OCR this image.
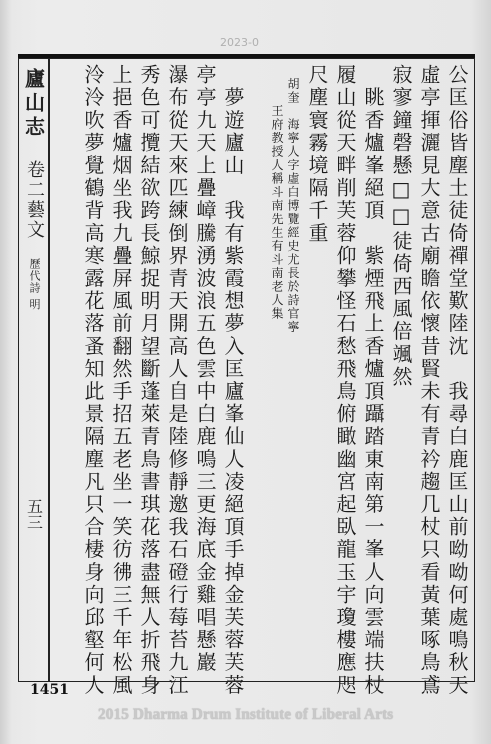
2023-0
廬山志
卷二藝文
歷代詩 明
五三	公匡俗皆塵土徒倚禪堂歎陸沈　我尋白鹿匡山前呦呦何處鳴秋天
虛亭揮灑見大意古廟瞻依懷昔賢未有青衿趨几杖只看黃葉啄鳥鳶
寂寥鐘磬懸□□徒倚西風倍颯然
　眺香爐峯絕頂　紫煙飛上香爐頂躡踏東南第一峯人向雲端扶杖
履山從天畔削芙蓉仰攀怪石愁飛鳥俯瞰幽宮起臥龍玉宇瓊樓應咫
尺塵寰霧境隔千重
　胡奎　海寧人字虛白博覽經史尤長於詩官寧
　　　王府教授人稱斗南先生有斗南老人集
　夢遊廬山　我有紫霞想夢入匡廬峯仙人凌絕頂手掉金芙蓉芙蓉
亭亭九天上疊嶂騰湧波浪五色雲中白鹿鳴三更海底金雞唱懸巖
瀑布從天來匹練倒界青天開高人自是陸修靜邀我石磴行莓苔九江
秀色可攬結欲跨長鯨捉明月望斷蓬萊青鳥書琪花落盡無人折飛身
上挹香爐烟坐我九疊屏風前翻然手招五老坐一笑彷彿三千年松風
泠泠吹夢覺鶴背高寒露花落蚤知此景隔塵凡只合棲身向邱壑何人
1451
2015 Dharma Drum Institute of Liberal Arts
